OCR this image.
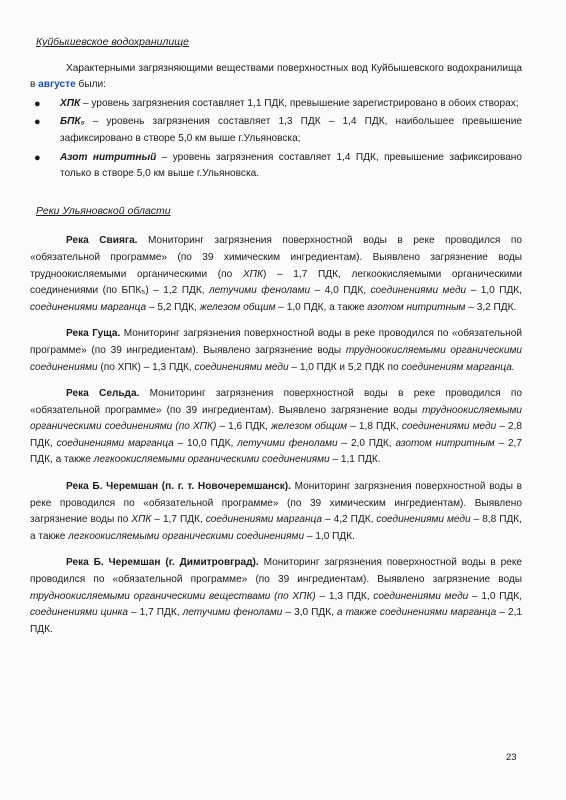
Куйбышевское водохранилище

Характерными загрязняющими веществами поверхностных вод Куйбышевского водохранилища в августе были:

● ХПК – уровень загрязнения составляет 1,1 ПДК, превышение зарегистрировано в обоих створах;
● БПК₅ – уровень загрязнения составляет 1,3 ПДК – 1,4 ПДК, наибольшее превышение зафиксировано в створе 5,0 км выше г.Ульяновска;
● Азот нитритный – уровень загрязнения составляет 1,4 ПДК, превышение зафиксировано только в створе 5,0 км выше г.Ульяновска.
Реки Ульяновской области

Река Свияга. Мониторинг загрязнения поверхностной воды в реке проводился по «обязательной программе» (по 39 химическим ингредиентам). Выявлено загрязнение воды трудноокисляемыми органическими (по ХПК) – 1,7 ПДК, легкоокисляемыми органическими соединениями (по БПК₅) – 1,2 ПДК, летучими фенолами – 4,0 ПДК, соединениями меди – 1,0 ПДК, соединениями марганца – 5,2 ПДК, железом общим – 1,0 ПДК, а также азотом нитритным – 3,2 ПДК.

Река Гуща. Мониторинг загрязнения поверхностной воды в реке проводился по «обязательной программе» (по 39 ингредиентам). Выявлено загрязнение воды трудноокисляемыми органическими соединениями (по ХПК) – 1,3 ПДК, соединениями меди – 1,0 ПДК и 5,2 ПДК по соединениям марганца.

Река Сельда. Мониторинг загрязнения поверхностной воды в реке проводился по «обязательной программе» (по 39 ингредиентам). Выявлено загрязнение воды трудноокисляемыми органическими соединениями (по ХПК) – 1,6 ПДК, железом общим – 1,8 ПДК, соединениями меди – 2,8 ПДК, соединениями марганца – 10,0 ПДК, летучими фенолами – 2,0 ПДК, азотом нитритным – 2,7 ПДК, а также легкоокисляемыми органическими соединениями – 1,1 ПДК.

Река Б. Черемшан (п. г. т. Новочеремшанск). Мониторинг загрязнения поверхностной воды в реке проводился по «обязательной программе» (по 39 химическим ингредиентам). Выявлено загрязнение воды по ХПК – 1,7 ПДК, соединениями марганца – 4,2 ПДК, соединениями меди – 8,8 ПДК, а также легкоокисляемыми органическими соединениями – 1,0 ПДК.

Река Б. Черемшан (г. Димитровград). Мониторинг загрязнения поверхностной воды в реке проводился по «обязательной программе» (по 39 ингредиентам). Выявлено загрязнение воды трудноокисляемыми органическими веществами (по ХПК) – 1,3 ПДК, соединениями меди – 1,0 ПДК, соединениями цинка – 1,7 ПДК, летучими фенолами – 3,0 ПДК, а также соединениями марганца – 2,1 ПДК.

23
